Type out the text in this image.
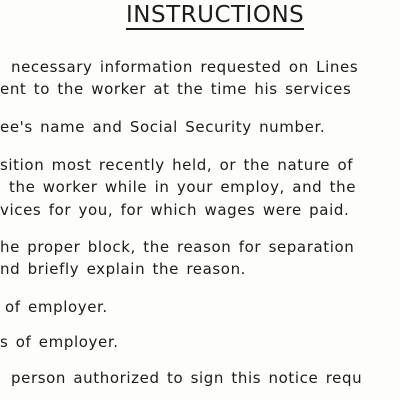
INSTRUCTIONS
necessary information requested on Lines
ent to the worker at the time his services
ee's name and Social Security number.
sition most recently held, or the nature of
the worker while in your employ, and the
vices for you, for which wages were paid.
he proper block, the reason for separation
nd briefly explain the reason.
of employer.
s of employer.
person authorized to sign this notice requ
